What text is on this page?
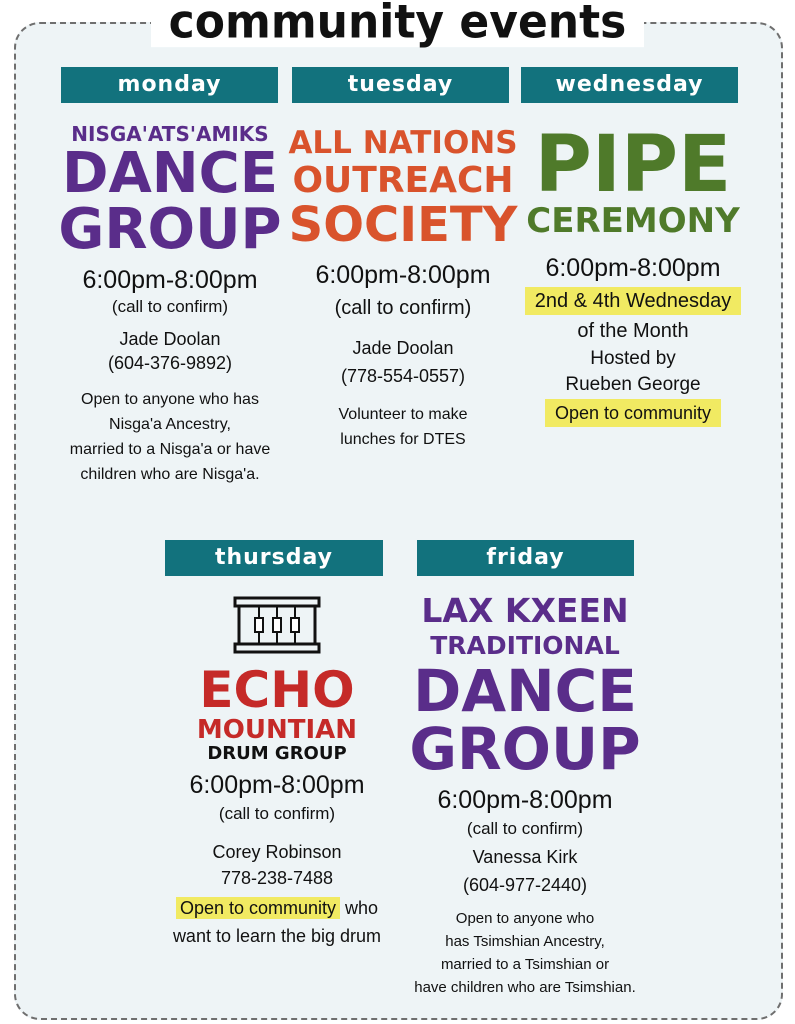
community events
monday	tuesday	wednesday
thursday	friday

NISGA'ATS'AMIKS

DANCE

GROUP

6:00pm-8:00pm

(call to confirm)

Jade Doolan

(604-376-9892)

Open to anyone who has

Nisga'a Ancestry,

married to a Nisga'a or have

children who are Nisga'a.

ALL NATIONS

OUTREACH

SOCIETY

6:00pm-8:00pm

(call to confirm)

Jade Doolan

(778-554-0557)

Volunteer to make

lunches for DTES

PIPE

CEREMONY

6:00pm-8:00pm

2nd & 4th Wednesday

of the Month

Hosted by

Rueben George

Open to community

ECHO

MOUNTIAN

DRUM GROUP

6:00pm-8:00pm

(call to confirm)

Corey Robinson

778-238-7488

Open to community who

want to learn the big drum

LAX KXEEN

TRADITIONAL

DANCE

GROUP

6:00pm-8:00pm

(call to confirm)

Vanessa Kirk

(604-977-2440)

Open to anyone who

has Tsimshian Ancestry,

married to a Tsimshian or

have children who are Tsimshian.
